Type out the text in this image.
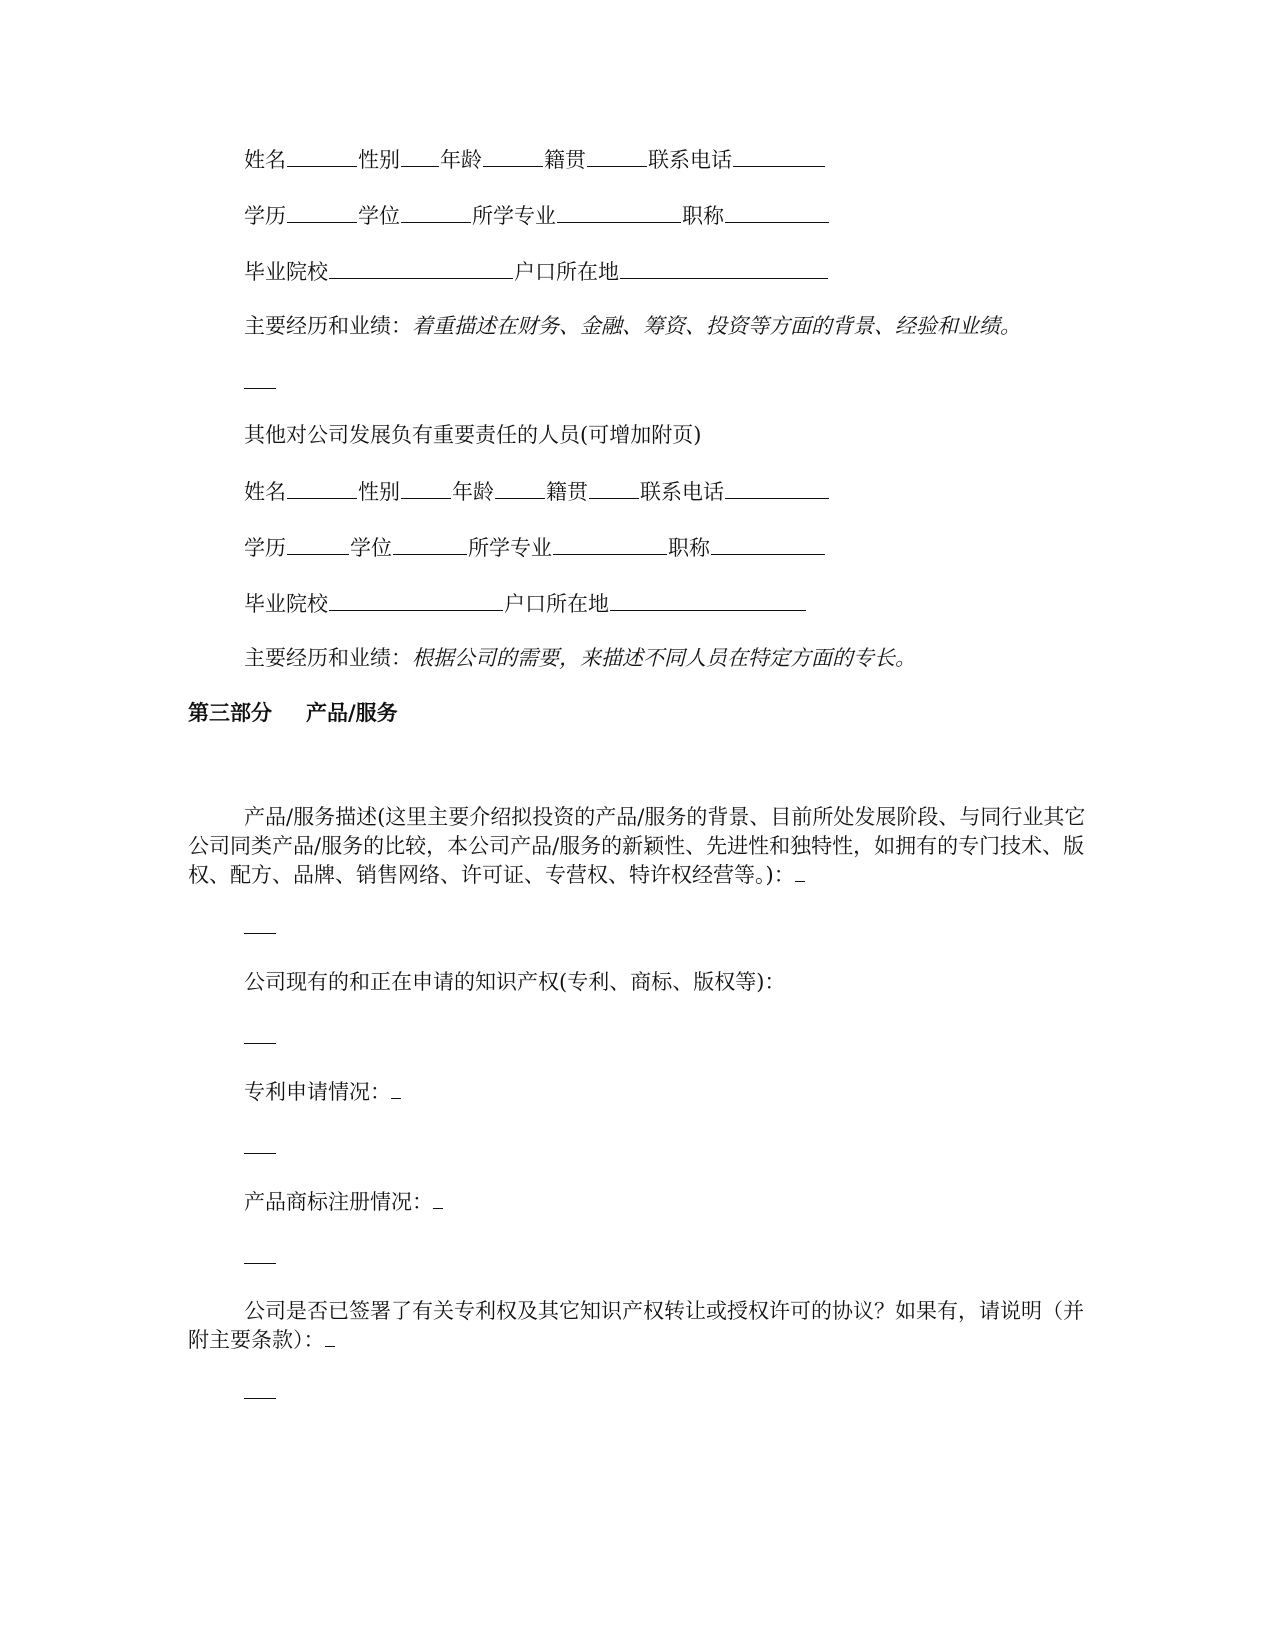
姓名	性别 年龄	籍贯	联系电话
学历	学位	所学专业	职称
毕业院校	户口所在地
主要经历和业绩：着重描述在财务、金融、筹资、投资等方面的背景、经验和业绩。
其他对公司发展负有重要责任的人员(可增加附页)
姓名	性别 年龄 籍贯 联系电话
学历	学位	所学专业	职称
毕业院校	户口所在地
主要经历和业绩：根据公司的需要，来描述不同人员在特定方面的专长。
第三部分 产品/服务
产品/服务描述(这里主要介绍拟投资的产品/服务的背景、目前所处发展阶段、与同行业其它公司同类产品/服务的比较，本公司产品/服务的新颖性、先进性和独特性，如拥有的专门技术、版权、配方、品牌、销售网络、许可证、专营权、特许权经营等。)：
公司现有的和正在申请的知识产权(专利、商标、版权等)：
专利申请情况：
产品商标注册情况：
公司是否已签署了有关专利权及其它知识产权转让或授权许可的协议？如果有，请说明（并附主要条款）：
